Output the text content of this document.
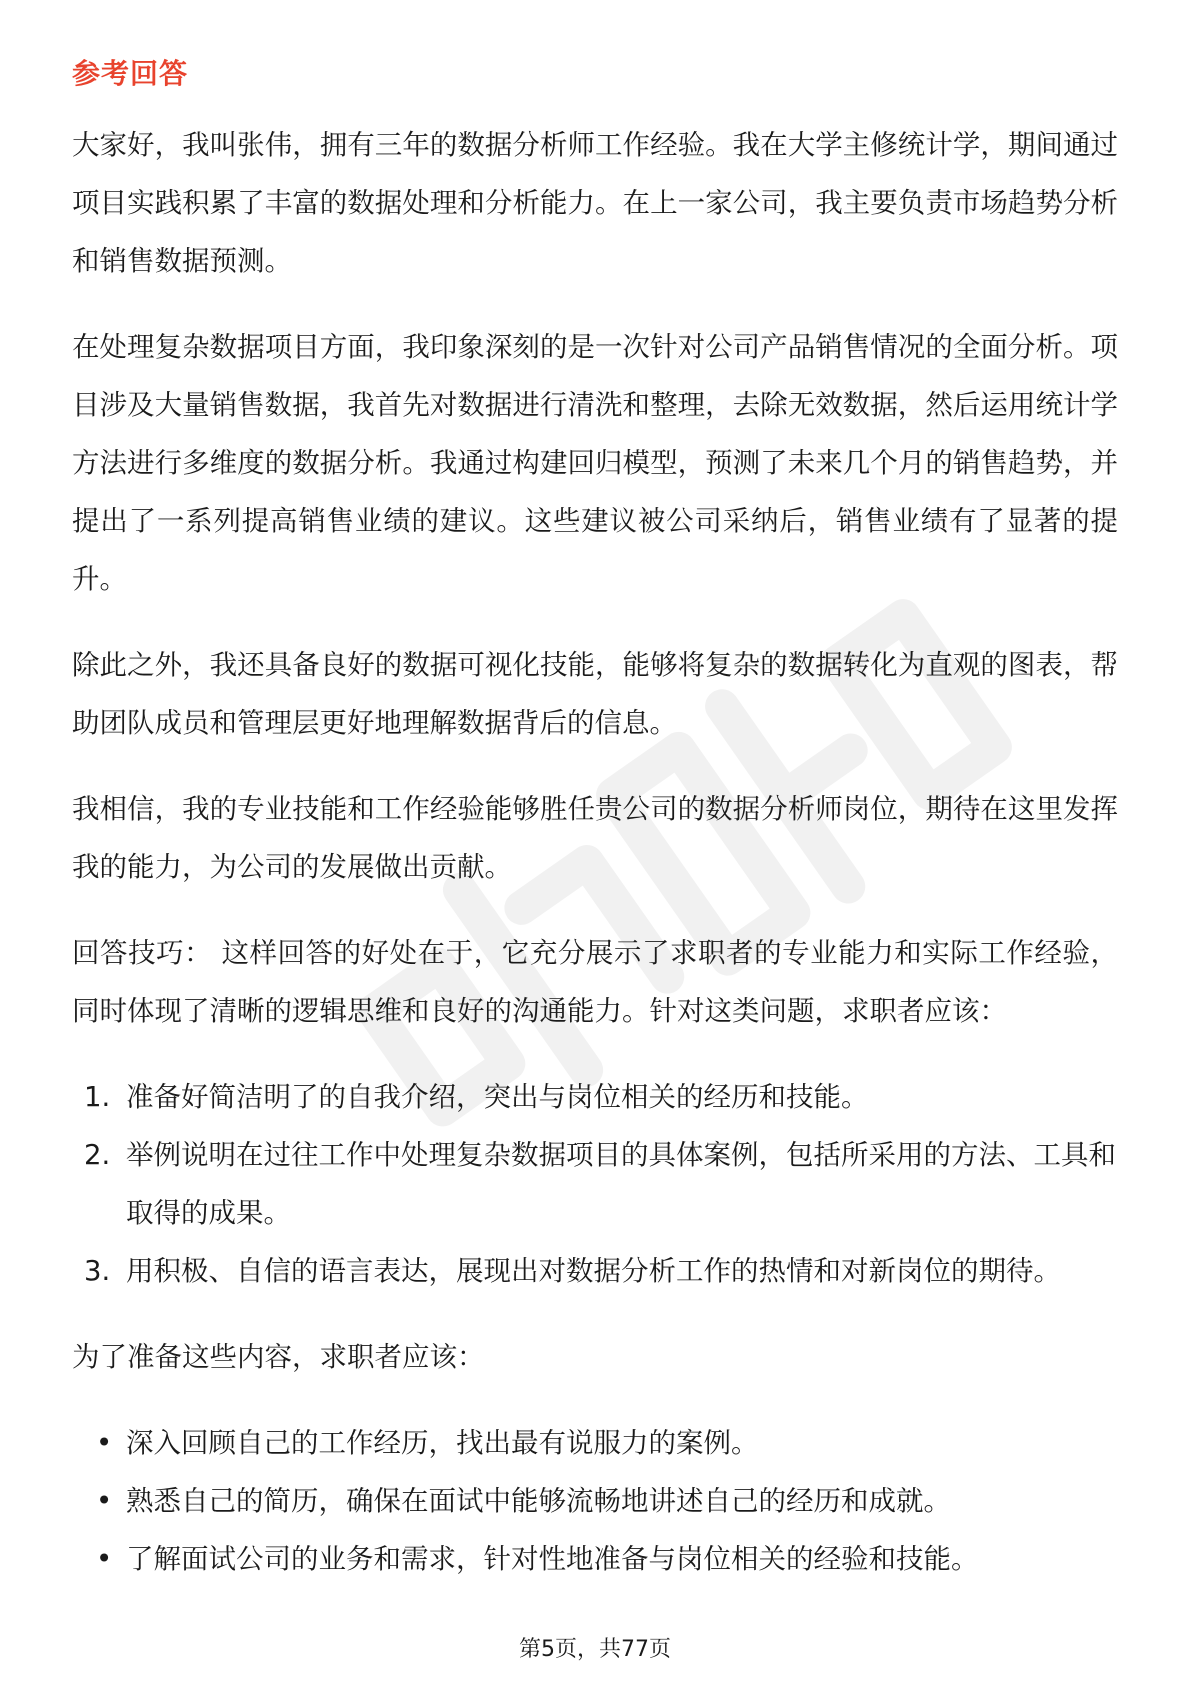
参考回答

大家好，我叫张伟，拥有三年的数据分析师工作经验。我在大学主修统计学，期间通过项目实践积累了丰富的数据处理和分析能力。在上一家公司，我主要负责市场趋势分析和销售数据预测。

在处理复杂数据项目方面，我印象深刻的是一次针对公司产品销售情况的全面分析。项目涉及大量销售数据，我首先对数据进行清洗和整理，去除无效数据，然后运用统计学方法进行多维度的数据分析。我通过构建回归模型，预测了未来几个月的销售趋势，并提出了一系列提高销售业绩的建议。这些建议被公司采纳后，销售业绩有了显著的提升。

除此之外，我还具备良好的数据可视化技能，能够将复杂的数据转化为直观的图表，帮助团队成员和管理层更好地理解数据背后的信息。

我相信，我的专业技能和工作经验能够胜任贵公司的数据分析师岗位，期待在这里发挥我的能力，为公司的发展做出贡献。

回答技巧： 这样回答的好处在于，它充分展示了求职者的专业能力和实际工作经验，同时体现了清晰的逻辑思维和良好的沟通能力。针对这类问题，求职者应该：

1. 准备好简洁明了的自我介绍，突出与岗位相关的经历和技能。
2. 举例说明在过往工作中处理复杂数据项目的具体案例，包括所采用的方法、工具和取得的成果。
3. 用积极、自信的语言表达，展现出对数据分析工作的热情和对新岗位的期待。

为了准备这些内容，求职者应该：

• 深入回顾自己的工作经历，找出最有说服力的案例。
• 熟悉自己的简历，确保在面试中能够流畅地讲述自己的经历和成就。
• 了解面试公司的业务和需求，针对性地准备与岗位相关的经验和技能。
第5页，共77页
